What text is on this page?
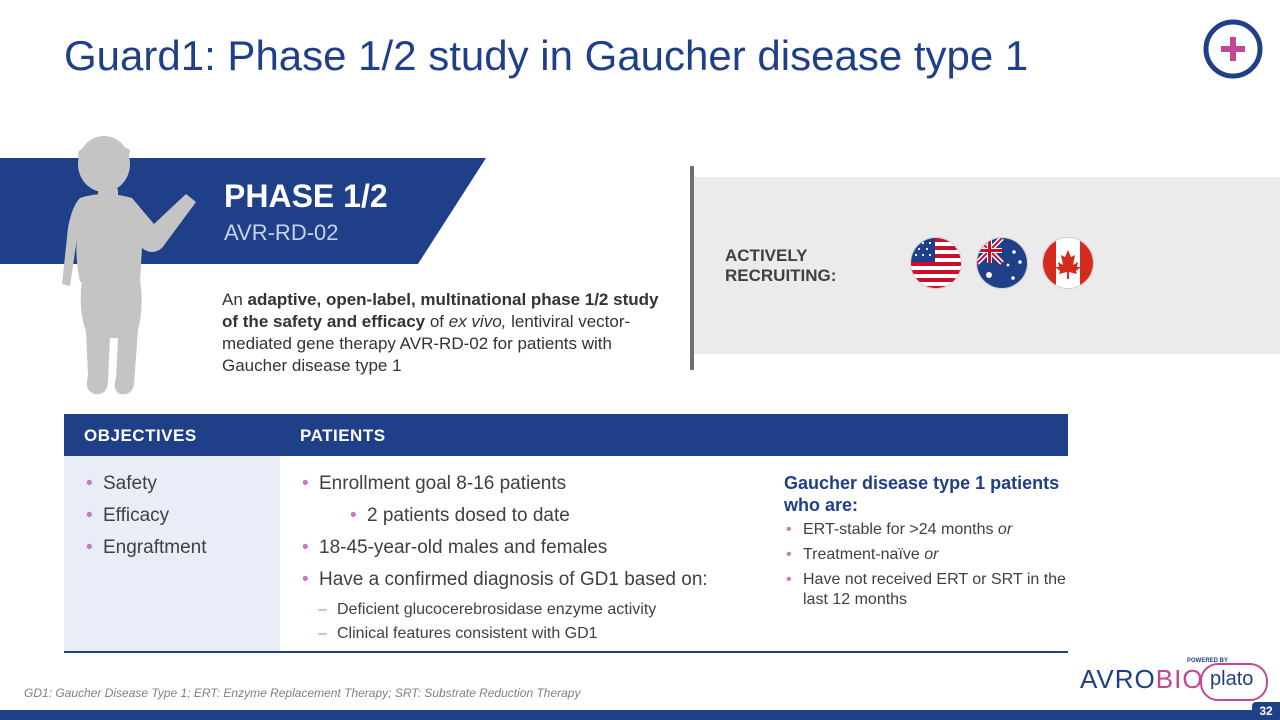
Guard1: Phase 1/2 study in Gaucher disease type 1
PHASE 1/2
AVR-RD-02
An adaptive, open-label, multinational phase 1/2 study of the safety and efficacy of ex vivo, lentiviral vector-mediated gene therapy AVR-RD-02 for patients with Gaucher disease type 1
ACTIVELY
RECRUITING:
OBJECTIVES	PATIENTS
• Safety
• Efficacy
• Engraftment
• Enrollment goal 8-16 patients
• 2 patients dosed to date
• 18-45-year-old males and females
• Have a confirmed diagnosis of GD1 based on:
– Deficient glucocerebrosidase enzyme activity
– Clinical features consistent with GD1
Gaucher disease type 1 patients who are:
• ERT-stable for >24 months or
• Treatment-naïve or
• Have not received ERT or SRT in the last 12 months
GD1: Gaucher Disease Type 1; ERT: Enzyme Replacement Therapy; SRT: Substrate Reduction Therapy	AVROBIO
POWERED BY
plato
32
